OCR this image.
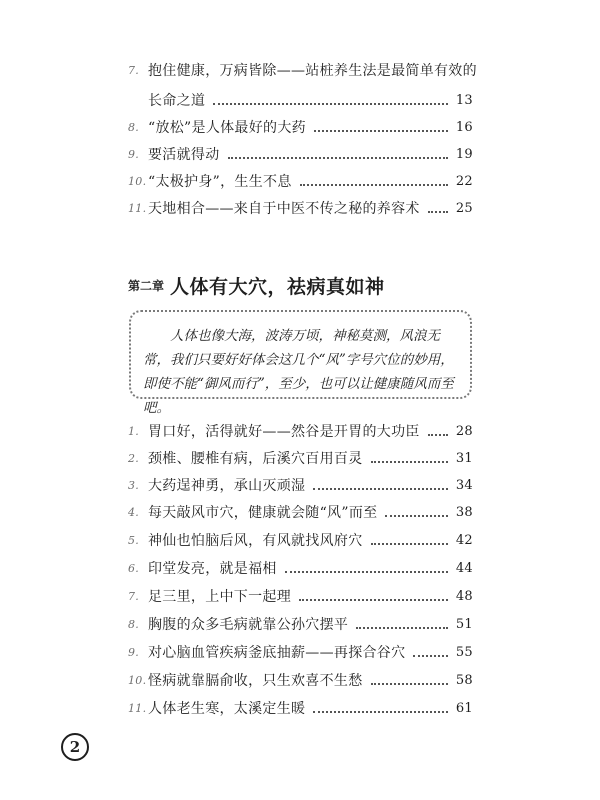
7. 抱住健康，万病皆除——站桩养生法是最简单有效的
长命之道	13
8. “放松”是人体最好的大药	16
9. 要活就得动	19
10. “太极护身”，生生不息	22
11. 天地相合——来自于中医不传之秘的养容术	25
第二章 人体有大穴，祛病真如神

人体也像大海，波涛万顷，神秘莫测，风浪无常，我们只要好好体会这几个“风”字号穴位的妙用，即使不能“御风而行”，至少，也可以让健康随风而至吧。

1. 胃口好，活得就好——然谷是开胃的大功臣	28
2. 颈椎、腰椎有病，后溪穴百用百灵	31
3. 大药逞神勇，承山灭顽湿	34
4. 每天敲风市穴，健康就会随“风”而至	38
5. 神仙也怕脑后风，有风就找风府穴	42
6. 印堂发亮，就是福相	44
7. 足三里，上中下一起理	48
8. 胸腹的众多毛病就靠公孙穴摆平	51
9. 对心脑血管疾病釜底抽薪——再探合谷穴	55
10. 怪病就靠膈俞收，只生欢喜不生愁	58
11. 人体老生寒，太溪定生暖	61
2
